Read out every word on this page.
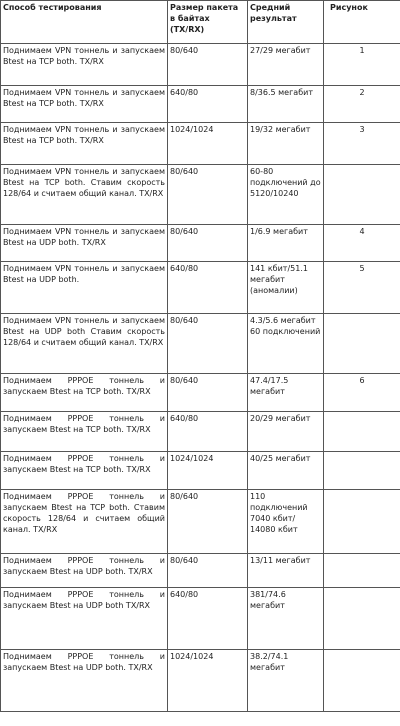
Способ тестирования	Размер пакета в байтах (TX/RX)	Средний результат	Рисунок
Поднимаем VPN тоннель и запускаем Btest на TCP both. TX/RX	80/640	27/29 мегабит	1
Поднимаем VPN тоннель и запускаем Btest на TCP both. TX/RX	640/80	8/36.5 мегабит	2
Поднимаем VPN тоннель и запускаем Btest на TCP both. TX/RX	1024/1024	19/32 мегабит	3
Поднимаем VPN тоннель и запускаем Btest на TCP both. Ставим скорость 128/64 и считаем общий канал. TX/RX	80/640	60-80 подключений до 5120/10240	
Поднимаем VPN тоннель и запускаем Btest на UDP both. TX/RX	80/640	1/6.9 мегабит	4
Поднимаем VPN тоннель и запускаем Btest на UDP both.	640/80	141 кбит/51.1 мегабит (аномалии)	5
Поднимаем VPN тоннель и запускаем Btest на UDP both Ставим скорость 128/64 и считаем общий канал. TX/RX	80/640	4.3/5.6 мегабит 60 подключений	
Поднимаем PPPOE тоннель и запускаем Btest на TCP both. TX/RX	80/640	47.4/17.5 мегабит	6
Поднимаем PPPOE тоннель и запускаем Btest на TCP both. TX/RX	640/80	20/29 мегабит	
Поднимаем PPPOE тоннель и запускаем Btest на TCP both. TX/RX	1024/1024	40/25 мегабит	
Поднимаем PPPOE тоннель и запускаем Btest на TCP both. Ставим скорость 128/64 и считаем общий канал. TX/RX	80/640	110 подключений 7040 кбит/ 14080 кбит	
Поднимаем PPPOE тоннель и запускаем Btest на UDP both. TX/RX	80/640	13/11 мегабит	
Поднимаем PPPOE тоннель и запускаем Btest на UDP both TX/RX	640/80	381/74.6 мегабит	
Поднимаем PPPOE тоннель и запускаем Btest на UDP both. TX/RX	1024/1024	38.2/74.1 мегабит	
